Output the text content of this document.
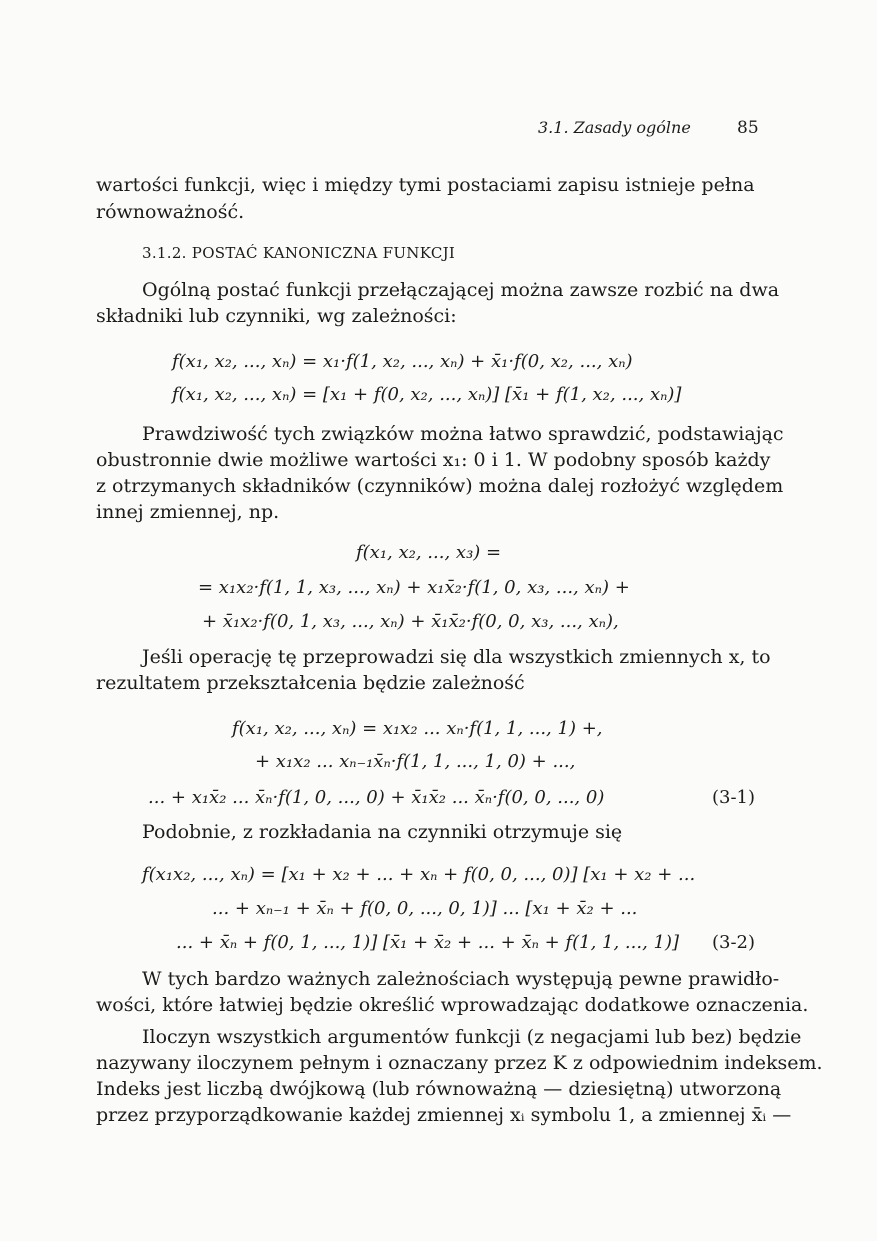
3.1. Zasady ogólne	85
wartości funkcji, więc i między tymi postaciami zapisu istnieje pełna
równoważność.
3.1.2. POSTAĆ KANONICZNA FUNKCJI
Ogólną postać funkcji przełączającej można zawsze rozbić na dwa
składniki lub czynniki, wg zależności:
f(x₁, x₂, ..., xₙ) = x₁·f(1, x₂, ..., xₙ) + x̄₁·f(0, x₂, ..., xₙ)
f(x₁, x₂, ..., xₙ) = [x₁ + f(0, x₂, ..., xₙ)] [x̄₁ + f(1, x₂, ..., xₙ)]
Prawdziwość tych związków można łatwo sprawdzić, podstawiając
obustronnie dwie możliwe wartości x₁: 0 i 1. W podobny sposób każdy
z otrzymanych składników (czynników) można dalej rozłożyć względem
innej zmiennej, np.
f(x₁, x₂, ..., x₃) =
= x₁x₂·f(1, 1, x₃, ..., xₙ) + x₁x̄₂·f(1, 0, x₃, ..., xₙ) +
+ x̄₁x₂·f(0, 1, x₃, ..., xₙ) + x̄₁x̄₂·f(0, 0, x₃, ..., xₙ),
Jeśli operację tę przeprowadzi się dla wszystkich zmiennych x, to
rezultatem przekształcenia będzie zależność
f(x₁, x₂, ..., xₙ) = x₁x₂ ... xₙ·f(1, 1, ..., 1) +,
+ x₁x₂ ... xₙ₋₁x̄ₙ·f(1, 1, ..., 1, 0) + ...,
... + x₁x̄₂ ... x̄ₙ·f(1, 0, ..., 0) + x̄₁x̄₂ ... x̄ₙ·f(0, 0, ..., 0)	(3-1)
Podobnie, z rozkładania na czynniki otrzymuje się
f(x₁x₂, ..., xₙ) = [x₁ + x₂ + ... + xₙ + f(0, 0, ..., 0)] [x₁ + x₂ + ...
... + xₙ₋₁ + x̄ₙ + f(0, 0, ..., 0, 1)] ... [x₁ + x̄₂ + ...
... + x̄ₙ + f(0, 1, ..., 1)] [x̄₁ + x̄₂ + ... + x̄ₙ + f(1, 1, ..., 1)] (3-2)
W tych bardzo ważnych zależnościach występują pewne prawidło-
wości, które łatwiej będzie określić wprowadzając dodatkowe oznaczenia.
Iloczyn wszystkich argumentów funkcji (z negacjami lub bez) będzie
nazywany iloczynem pełnym i oznaczany przez K z odpowiednim indeksem.
Indeks jest liczbą dwójkową (lub równoważną — dziesiętną) utworzoną
przez przyporządkowanie każdej zmiennej xᵢ symbolu 1, a zmiennej x̄ᵢ —
